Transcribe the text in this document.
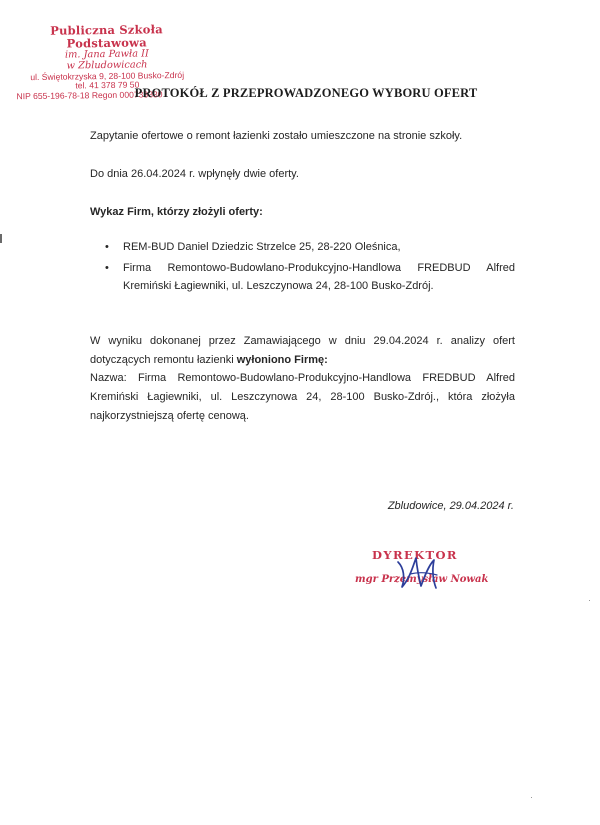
Publiczna Szkoła Podstawowa
im. Jana Pawła II
w Zbludowicach
ul. Świętokrzyska 9, 28-100 Busko-Zdrój
tel. 41 378 79 50
NIP 655-196-78-18 Regon 000733330
PROTOKÓŁ Z PRZEPROWADZONEGO WYBORU OFERT
Zapytanie ofertowe o remont łazienki zostało umieszczone na stronie szkoły.
Do dnia 26.04.2024 r. wpłynęły dwie oferty.
Wykaz Firm, którzy złożyli oferty:
• REM-BUD Daniel Dziedzic Strzelce 25, 28-220 Oleśnica,
• Firma Remontowo-Budowlano-Produkcyjno-Handlowa FREDBUD Alfred Kremiński Łagiewniki, ul. Leszczynowa 24, 28-100 Busko-Zdrój.
W wyniku dokonanej przez Zamawiającego w dniu 29.04.2024 r. analizy ofert dotyczących remontu łazienki wyłoniono Firmę:
Nazwa: Firma Remontowo-Budowlano-Produkcyjno-Handlowa FREDBUD Alfred Kremiński Łagiewniki, ul. Leszczynowa 24, 28-100 Busko-Zdrój., która złożyła najkorzystniejszą ofertę cenową.
Zbludowice, 29.04.2024 r.
DYREKTOR
mgr Przemysław Nowak
